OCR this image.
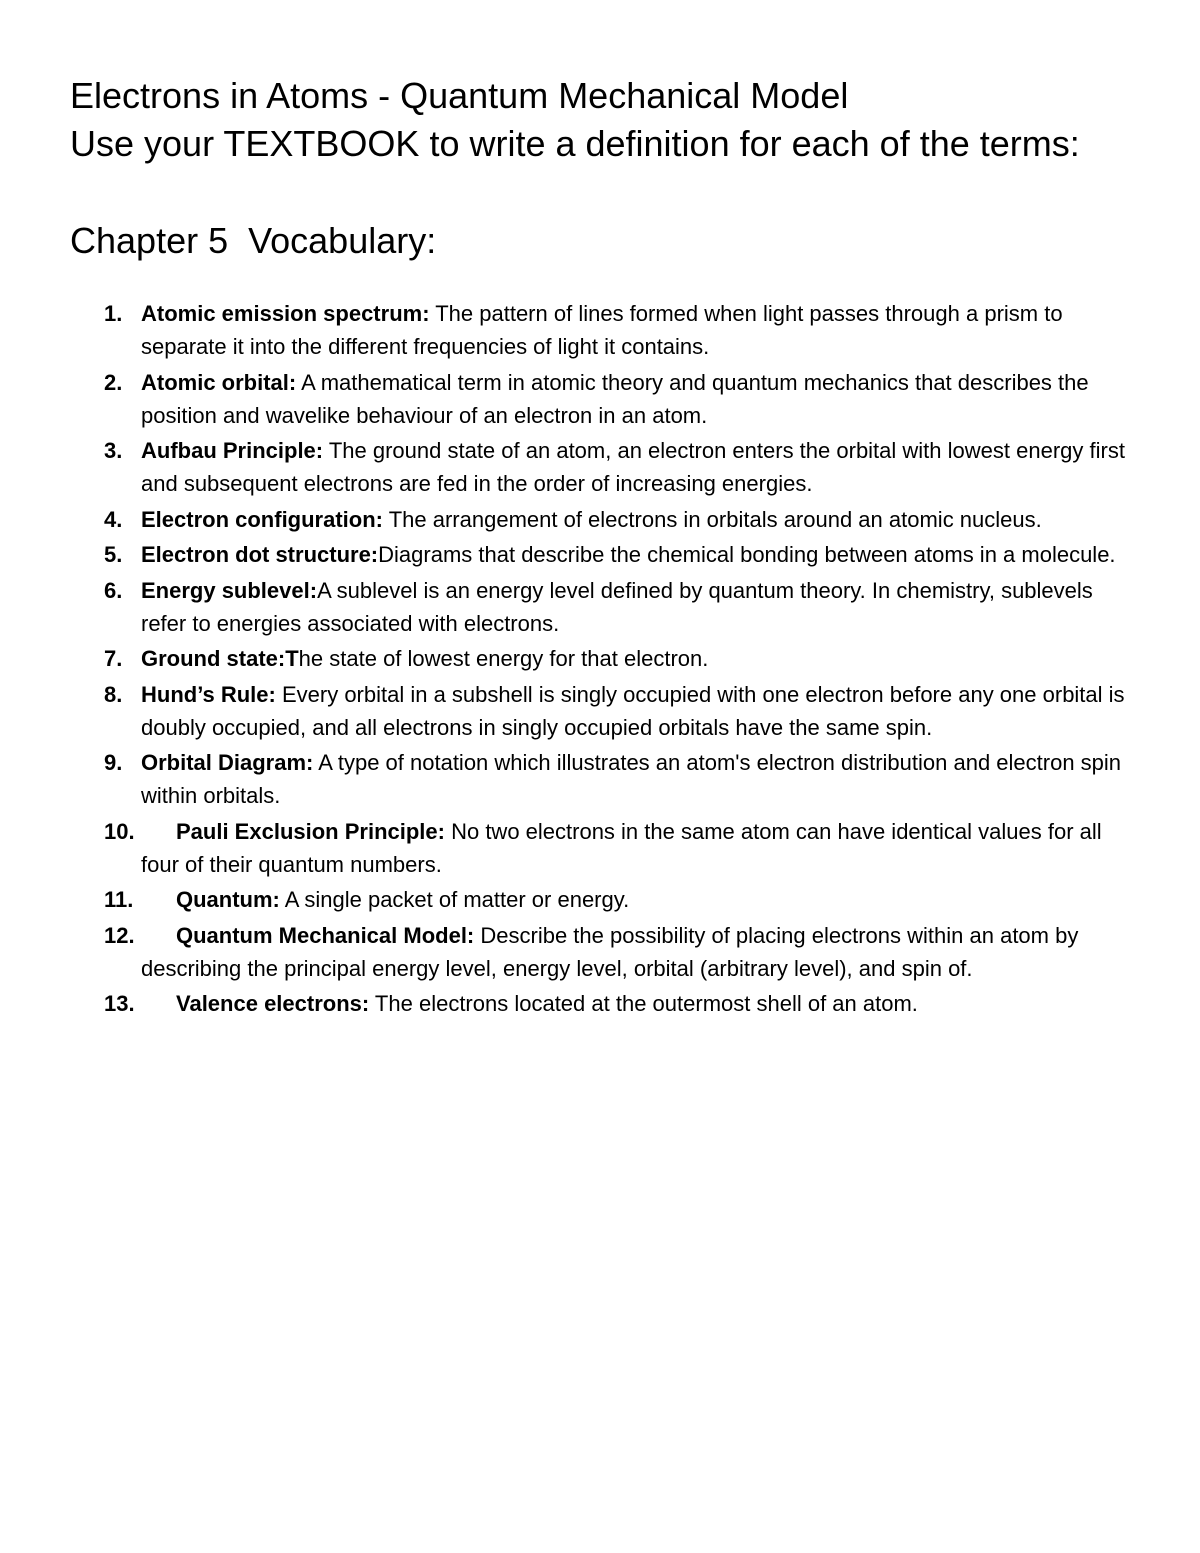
Electrons in Atoms - Quantum Mechanical Model

Use your TEXTBOOK to write a definition for each of the terms:

Chapter 5  Vocabulary:
1. Atomic emission spectrum: The pattern of lines formed when light passes through a prism to separate it into the different frequencies of light it contains.
2. Atomic orbital: A mathematical term in atomic theory and quantum mechanics that describes the position and wavelike behaviour of an electron in an atom.
3. Aufbau Principle: The ground state of an atom, an electron enters the orbital with lowest energy first and subsequent electrons are fed in the order of increasing energies.
4. Electron configuration: The arrangement of electrons in orbitals around an atomic nucleus.
5. Electron dot structure:Diagrams that describe the chemical bonding between atoms in a molecule.
6. Energy sublevel:A sublevel is an energy level defined by quantum theory. In chemistry, sublevels refer to energies associated with electrons.
7. Ground state:The state of lowest energy for that electron.
8. Hund’s Rule: Every orbital in a subshell is singly occupied with one electron before any one orbital is doubly occupied, and all electrons in singly occupied orbitals have the same spin.
9. Orbital Diagram: A type of notation which illustrates an atom's electron distribution and electron spin within orbitals.
10. Pauli Exclusion Principle: No two electrons in the same atom can have identical values for all four of their quantum numbers.
11. Quantum: A single packet of matter or energy.
12. Quantum Mechanical Model: Describe the possibility of placing electrons within an atom by describing the principal energy level, energy level, orbital (arbitrary level), and spin of.
13. Valence electrons: The electrons located at the outermost shell of an atom.
